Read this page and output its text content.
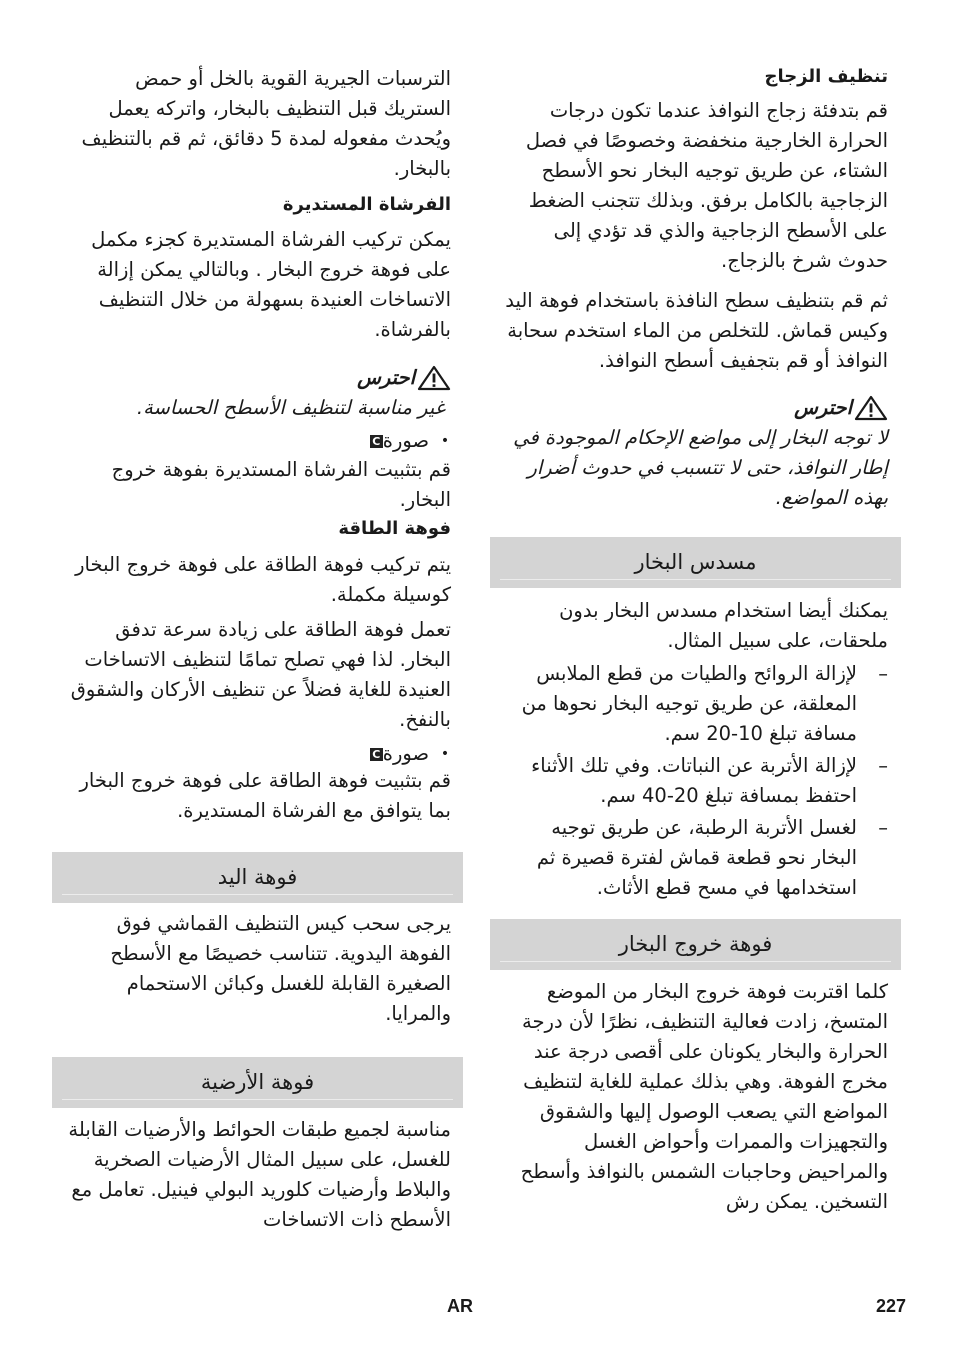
تنظيف الزجاج

قم بتدفئة زجاج النوافذ عندما تكون درجات الحرارة الخارجية منخفضة وخصوصًا في فصل الشتاء، عن طريق توجيه البخار نحو الأسطح الزجاجية بالكامل برفق. وبذلك تتجنب الضغط على الأسطح الزجاجية والذي قد تؤدي إلى حدوث شرخ بالزجاج.

ثم قم بتنظيف سطح النافذة باستخدام فوهة اليد وكيس قماش. للتخلص من الماء استخدم سحابة النوافذ أو قم بتجفيف أسطح النوافذ.

احترس

لا توجه البخار إلى مواضع الإحكام الموجودة في إطار النوافذ، حتى لا تتسبب في حدوث أضرار بهذه المواضع.

مسدس البخار

يمكنك أيضا استخدام مسدس البخار بدون ملحقات، على سبيل المثال.

–
لإزالة الروائح والطيات من قطع الملابس المعلقة، عن طريق توجيه البخار نحوها من مسافة تبلغ 10-20 سم.
–
لإزالة الأتربة عن النباتات. وفي تلك الأثناء احتفظ بمسافة تبلغ 20-40 سم.
–
لغسل الأتربة الرطبة، عن طريق توجيه البخار نحو قطعة قماش لفترة قصيرة ثم استخدامها في مسح قطع الأثاث.
فوهة خروج البخار

كلما اقتربت فوهة خروج البخار من الموضع المتسخ، زادت فعالية التنظيف، نظرًا لأن درجة الحرارة والبخار يكونان على أقصى درجة عند مخرج الفوهة. وهي بذلك عملية للغاية لتنظيف المواضع التي يصعب الوصول إليها والشقوق والتجهيزات والممرات وأحواض الغسل والمراحيض وحاجبات الشمس بالنوافذ وأسطح التسخين. يمكن رش

الترسبات الجيرية القوية بالخل أو حمض الستريك قبل التنظيف بالبخار، واتركه يعمل ويُحدث مفعوله لمدة 5 دقائق، ثم قم بالتنظيف بالبخار.

الفرشاة المستديرة

يمكن تركيب الفرشاة المستديرة كجزء مكمل على فوهة خروج البخار . وبالتالي يمكن إزالة الاتساخات العنيدة بسهولة من خلال التنظيف بالفرشاة.

احترس

غير مناسبة لتنظيف الأسطح الحساسة.

•
صورةC

قم بتثبيت الفرشاة المستديرة بفوهة خروج البخار.

فوهة الطاقة

يتم تركيب فوهة الطاقة على فوهة خروج البخار كوسيلة مكملة.

تعمل فوهة الطاقة على زيادة سرعة تدفق البخار. لذا فهي تصلح تمامًا لتنظيف الاتساخات العنيدة للغاية فضلاً عن تنظيف الأركان والشقوق بالنفخ.

•
صورةC

قم بتثبيت فوهة الطاقة على فوهة خروج البخار بما يتوافق مع الفرشاة المستديرة.

فوهة اليد

يرجى سحب كيس التنظيف القماشي فوق الفوهة اليدوية. تتناسب خصيصًا مع الأسطح الصغيرة القابلة للغسل وكبائن الاستحمام والمرايا.

فوهة الأرضية

مناسبة لجميع طبقات الحوائط والأرضيات القابلة للغسل، على سبيل المثال الأرضيات الصخرية والبلاط وأرضيات كلوريد البولي فينيل. تعامل مع الأسطح ذات الاتساخات

AR	227
